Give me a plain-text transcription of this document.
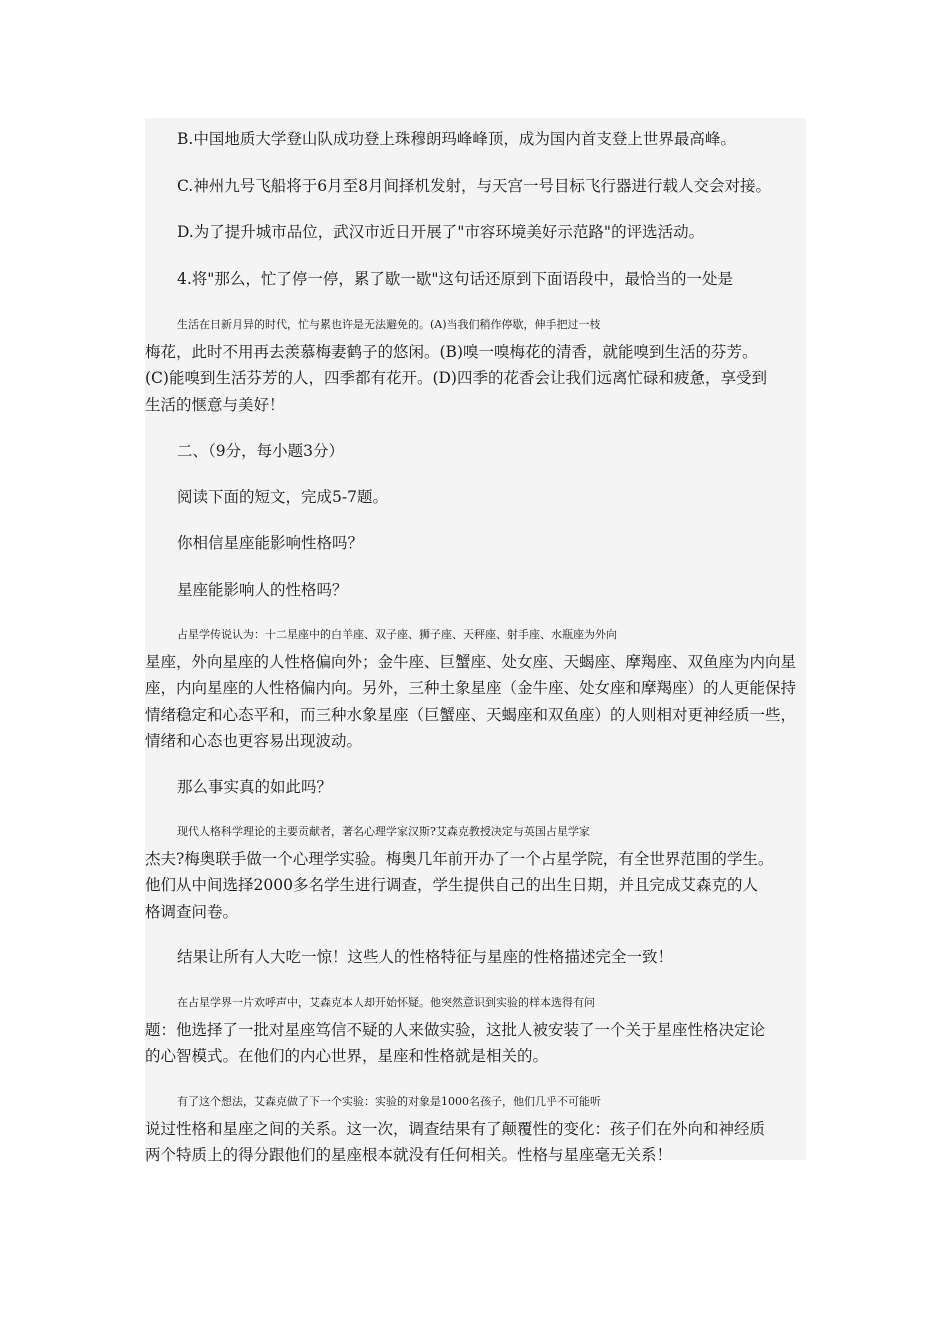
B.中国地质大学登山队成功登上珠穆朗玛峰峰顶，成为国内首支登上世界最高峰。

C.神州九号飞船将于6月至8月间择机发射，与天宫一号目标飞行器进行载人交会对接。

D.为了提升城市品位，武汉市近日开展了"市容环境美好示范路"的评选活动。

4.将"那么，忙了停一停，累了歇一歇"这句话还原到下面语段中，最恰当的一处是

生活在日新月异的时代，忙与累也许是无法避免的。(A)当我们稍作停歇，伸手把过一枝
梅花，此时不用再去羡慕梅妻鹤子的悠闲。(B)嗅一嗅梅花的清香，就能嗅到生活的芬芳。
(C)能嗅到生活芬芳的人，四季都有花开。(D)四季的花香会让我们远离忙碌和疲惫，享受到
生活的惬意与美好！

二、（9分，每小题3分）

阅读下面的短文，完成5-7题。

你相信星座能影响性格吗？

星座能影响人的性格吗？

占星学传说认为：十二星座中的白羊座、双子座、狮子座、天秤座、射手座、水瓶座为外向
星座，外向星座的人性格偏向外；金牛座、巨蟹座、处女座、天蝎座、摩羯座、双鱼座为内向星
座，内向星座的人性格偏内向。另外，三种土象星座（金牛座、处女座和摩羯座）的人更能保持
情绪稳定和心态平和，而三种水象星座（巨蟹座、天蝎座和双鱼座）的人则相对更神经质一些，
情绪和心态也更容易出现波动。

那么事实真的如此吗？

现代人格科学理论的主要贡献者，著名心理学家汉斯?艾森克教授决定与英国占星学家
杰夫?梅奥联手做一个心理学实验。梅奥几年前开办了一个占星学院，有全世界范围的学生。
他们从中间选择2000多名学生进行调查，学生提供自己的出生日期，并且完成艾森克的人
格调查问卷。

结果让所有人大吃一惊！这些人的性格特征与星座的性格描述完全一致！

在占星学界一片欢呼声中，艾森克本人却开始怀疑。他突然意识到实验的样本选得有问
题：他选择了一批对星座笃信不疑的人来做实验，这批人被安装了一个关于星座性格决定论
的心智模式。在他们的内心世界，星座和性格就是相关的。

有了这个想法，艾森克做了下一个实验：实验的对象是1000名孩子，他们几乎不可能听
说过性格和星座之间的关系。这一次，调查结果有了颠覆性的变化：孩子们在外向和神经质
两个特质上的得分跟他们的星座根本就没有任何相关。性格与星座毫无关系！
